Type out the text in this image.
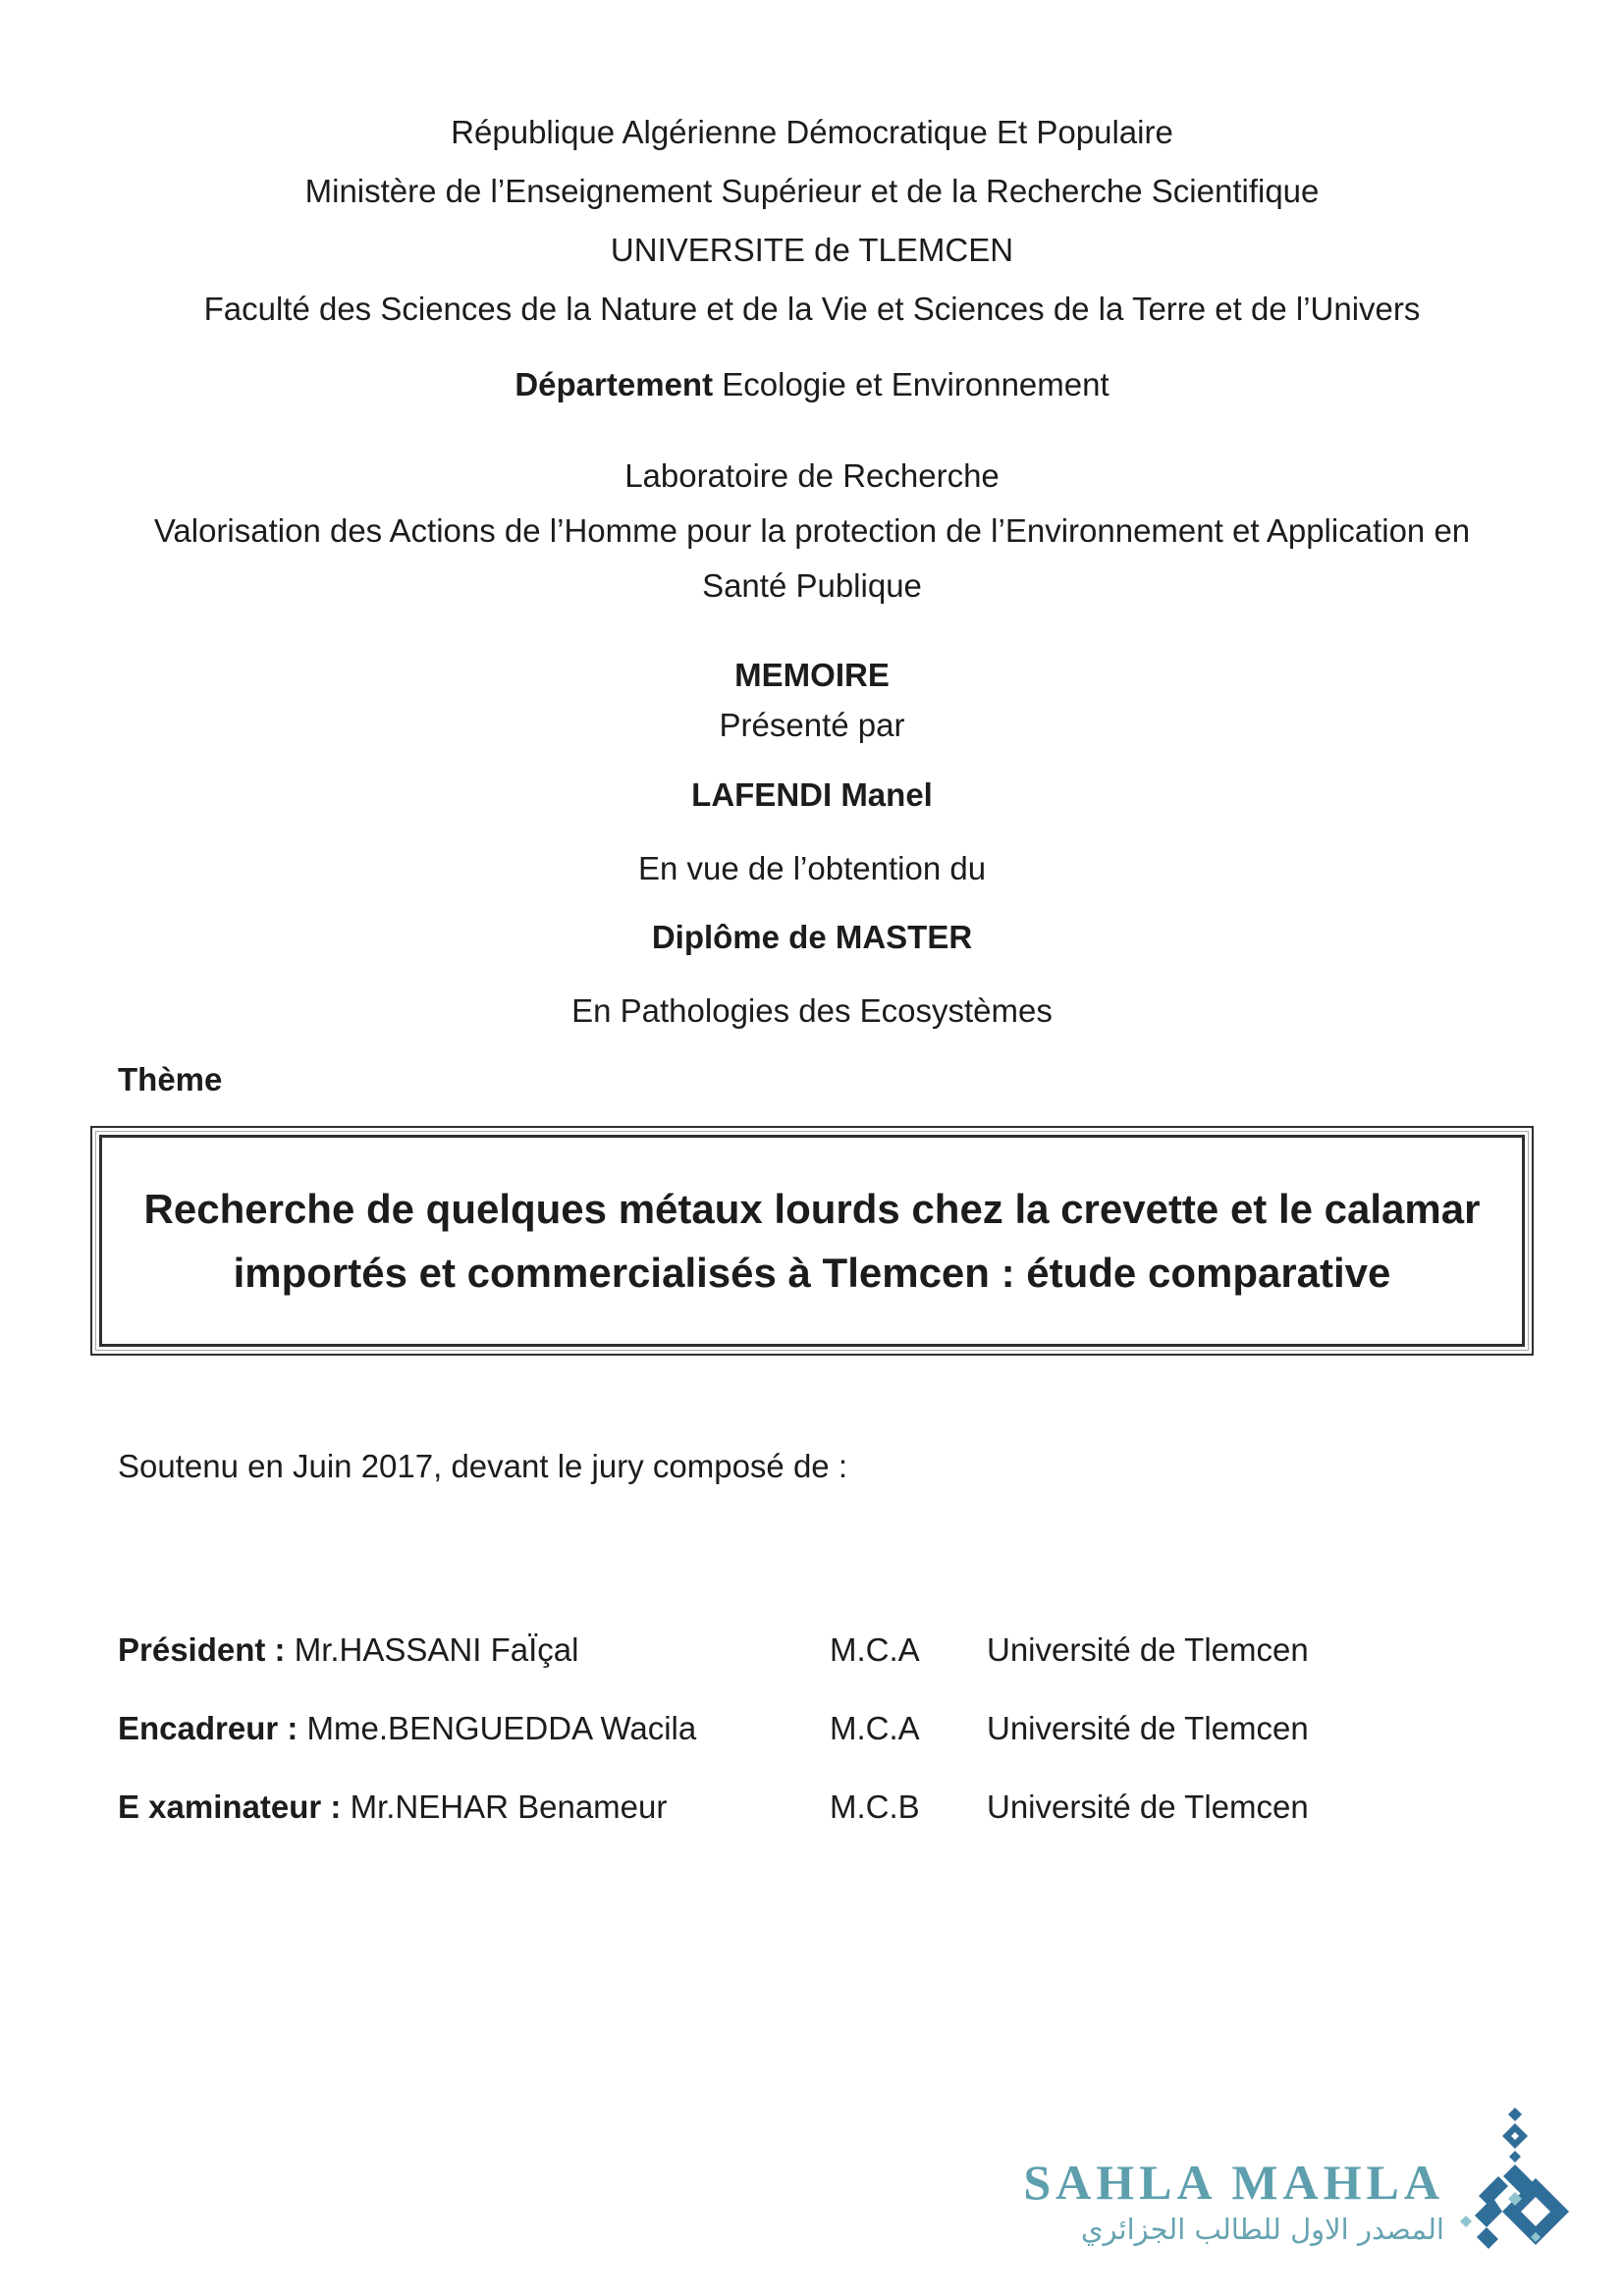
République Algérienne Démocratique Et Populaire
Ministère de l’Enseignement Supérieur et de la Recherche Scientifique
UNIVERSITE de TLEMCEN
Faculté des Sciences de la Nature et de la Vie et Sciences de la Terre et de l’Univers
Département Ecologie et Environnement
Laboratoire de Recherche
Valorisation des Actions de l’Homme pour la protection de l’Environnement et Application en
Santé Publique
MEMOIRE
Présenté par
LAFENDI Manel
En vue de l’obtention du
Diplôme de MASTER
En Pathologies des Ecosystèmes
Thème
Recherche de quelques métaux lourds chez la crevette et le calamar importés et commercialisés à Tlemcen : étude comparative
Soutenu en Juin 2017, devant le jury composé de :
Président : Mr.HASSANI FaÏçal	M.C.A	Université de Tlemcen
Encadreur : Mme.BENGUEDDA Wacila	M.C.A	Université de Tlemcen
E xaminateur : Mr.NEHAR Benameur	M.C.B	Université de Tlemcen
SAHLA MAHLA
المصدر الاول للطالب الجزائري
